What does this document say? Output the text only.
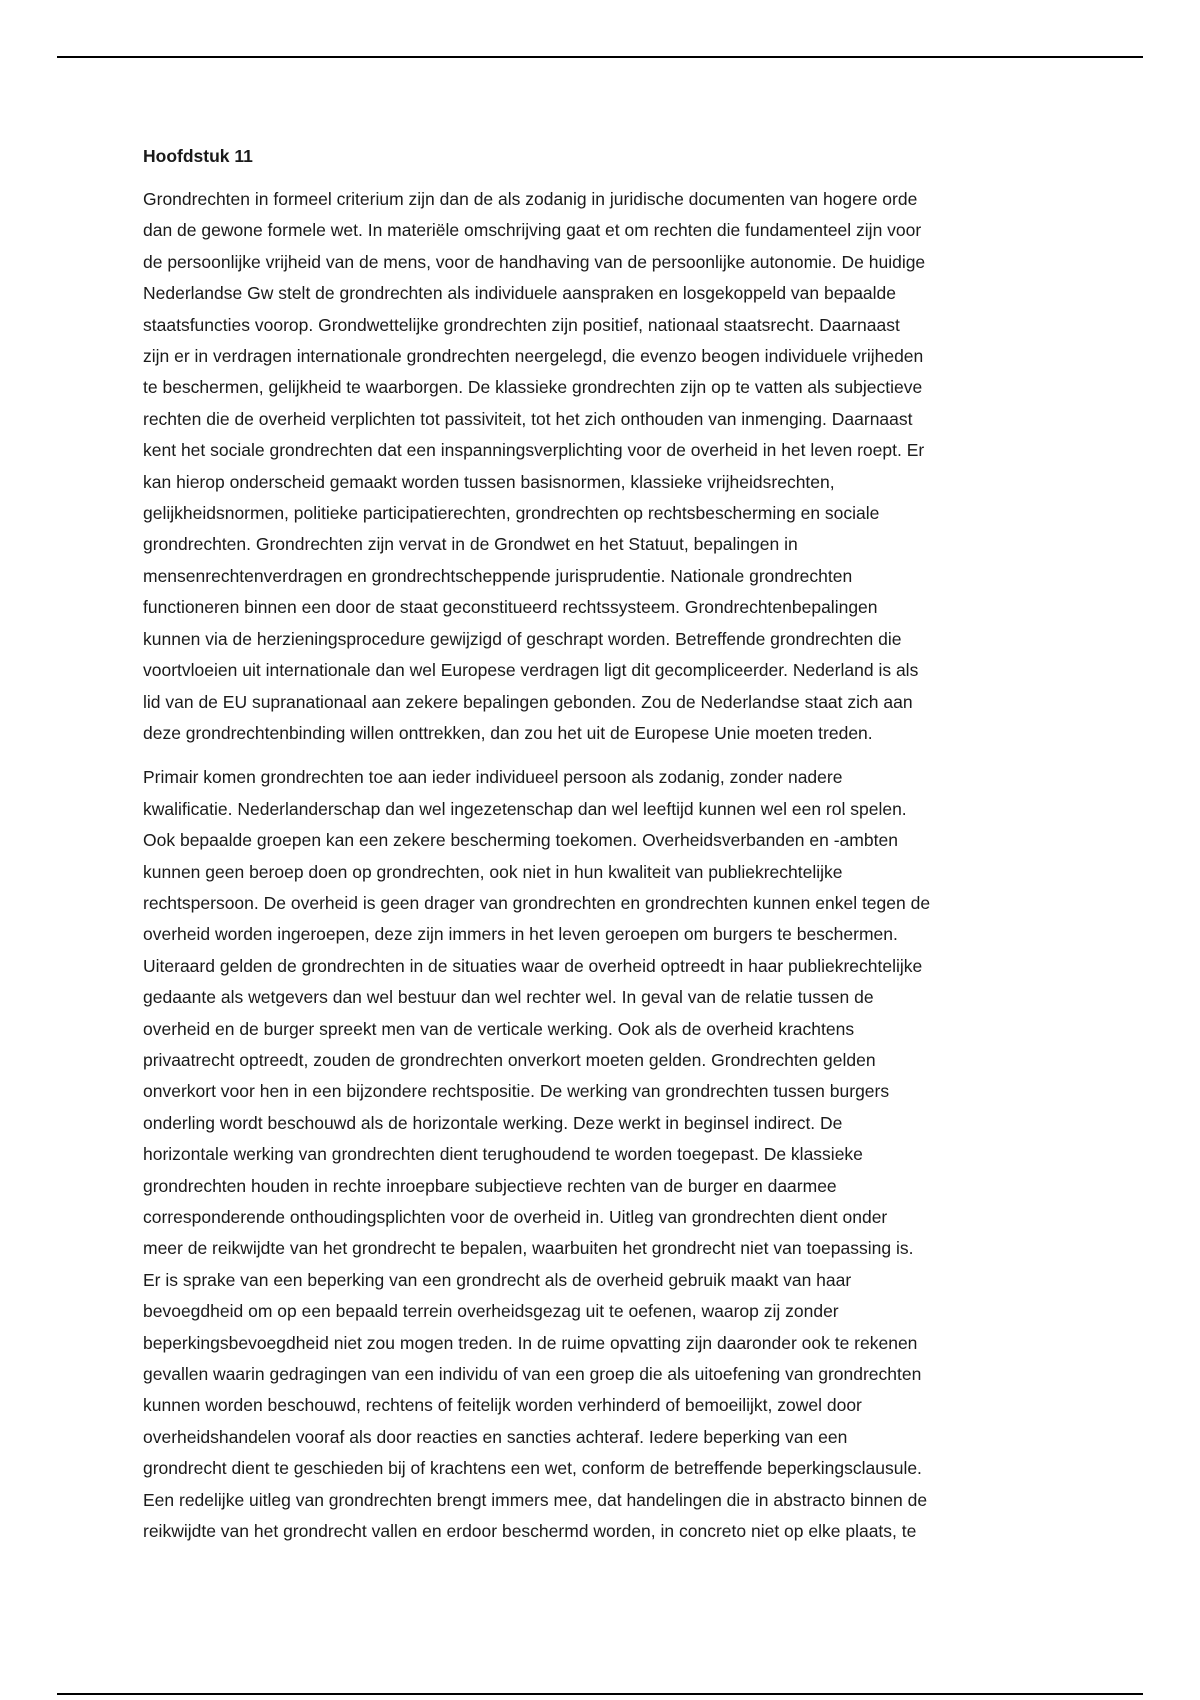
Hoofdstuk 11
Grondrechten in formeel criterium zijn dan de als zodanig in juridische documenten van hogere orde
dan de gewone formele wet. In materiële omschrijving gaat et om rechten die fundamenteel zijn voor
de persoonlijke vrijheid van de mens, voor de handhaving van de persoonlijke autonomie. De huidige
Nederlandse Gw stelt de grondrechten als individuele aanspraken en losgekoppeld van bepaalde
staatsfuncties voorop. Grondwettelijke grondrechten zijn positief, nationaal staatsrecht. Daarnaast
zijn er in verdragen internationale grondrechten neergelegd, die evenzo beogen individuele vrijheden
te beschermen, gelijkheid te waarborgen. De klassieke grondrechten zijn op te vatten als subjectieve
rechten die de overheid verplichten tot passiviteit, tot het zich onthouden van inmenging. Daarnaast
kent het sociale grondrechten dat een inspanningsverplichting voor de overheid in het leven roept. Er
kan hierop onderscheid gemaakt worden tussen basisnormen, klassieke vrijheidsrechten,
gelijkheidsnormen, politieke participatierechten, grondrechten op rechtsbescherming en sociale
grondrechten. Grondrechten zijn vervat in de Grondwet en het Statuut, bepalingen in
mensenrechtenverdragen en grondrechtscheppende jurisprudentie. Nationale grondrechten
functioneren binnen een door de staat geconstitueerd rechtssysteem. Grondrechtenbepalingen
kunnen via de herzieningsprocedure gewijzigd of geschrapt worden. Betreffende grondrechten die
voortvloeien uit internationale dan wel Europese verdragen ligt dit gecompliceerder. Nederland is als
lid van de EU supranationaal aan zekere bepalingen gebonden. Zou de Nederlandse staat zich aan
deze grondrechtenbinding willen onttrekken, dan zou het uit de Europese Unie moeten treden.
Primair komen grondrechten toe aan ieder individueel persoon als zodanig, zonder nadere
kwalificatie. Nederlanderschap dan wel ingezetenschap dan wel leeftijd kunnen wel een rol spelen.
Ook bepaalde groepen kan een zekere bescherming toekomen. Overheidsverbanden en -ambten
kunnen geen beroep doen op grondrechten, ook niet in hun kwaliteit van publiekrechtelijke
rechtspersoon. De overheid is geen drager van grondrechten en grondrechten kunnen enkel tegen de
overheid worden ingeroepen, deze zijn immers in het leven geroepen om burgers te beschermen.
Uiteraard gelden de grondrechten in de situaties waar de overheid optreedt in haar publiekrechtelijke
gedaante als wetgevers dan wel bestuur dan wel rechter wel. In geval van de relatie tussen de
overheid en de burger spreekt men van de verticale werking. Ook als de overheid krachtens
privaatrecht optreedt, zouden de grondrechten onverkort moeten gelden. Grondrechten gelden
onverkort voor hen in een bijzondere rechtspositie. De werking van grondrechten tussen burgers
onderling wordt beschouwd als de horizontale werking. Deze werkt in beginsel indirect. De
horizontale werking van grondrechten dient terughoudend te worden toegepast. De klassieke
grondrechten houden in rechte inroepbare subjectieve rechten van de burger en daarmee
corresponderende onthoudingsplichten voor de overheid in. Uitleg van grondrechten dient onder
meer de reikwijdte van het grondrecht te bepalen, waarbuiten het grondrecht niet van toepassing is.
Er is sprake van een beperking van een grondrecht als de overheid gebruik maakt van haar
bevoegdheid om op een bepaald terrein overheidsgezag uit te oefenen, waarop zij zonder
beperkingsbevoegdheid niet zou mogen treden. In de ruime opvatting zijn daaronder ook te rekenen
gevallen waarin gedragingen van een individu of van een groep die als uitoefening van grondrechten
kunnen worden beschouwd, rechtens of feitelijk worden verhinderd of bemoeilijkt, zowel door
overheidshandelen vooraf als door reacties en sancties achteraf. Iedere beperking van een
grondrecht dient te geschieden bij of krachtens een wet, conform de betreffende beperkingsclausule.
Een redelijke uitleg van grondrechten brengt immers mee, dat handelingen die in abstracto binnen de
reikwijdte van het grondrecht vallen en erdoor beschermd worden, in concreto niet op elke plaats, te
